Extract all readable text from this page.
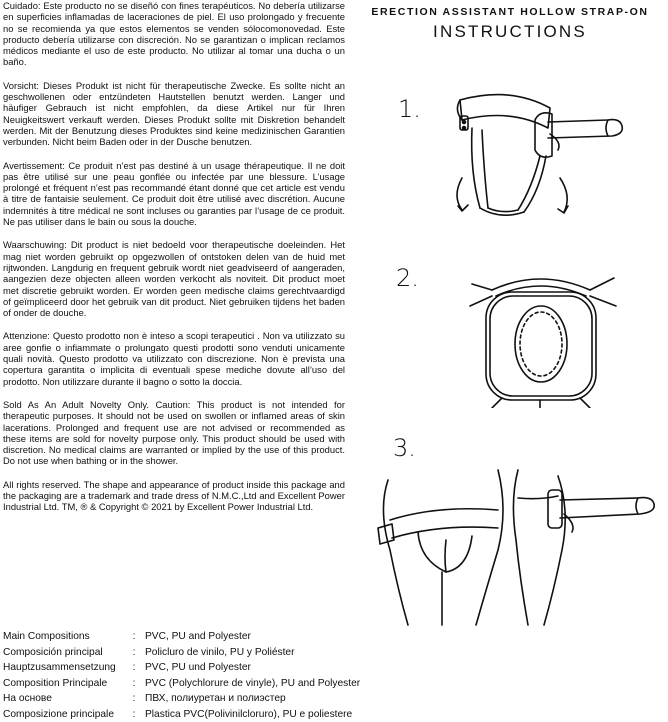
Cuidado: Este producto no se diseñó con fines terapéuticos. No debería utilizarse en superficies inflamadas de laceraciones de piel. El uso prolongado y frecuente no se recomienda ya que estos elementos se venden sólocomonovedad. Este producto debería utilizarse con discreción. No se garantizan o implican reclamos médicos mediante el uso de este producto. No utilizar al tomar una ducha o un baño.

Vorsicht: Dieses Produkt ist nicht für therapeutische Zwecke. Es sollte nicht an geschwollenen oder entzündeten Hautstellen benutzt werden. Langer und häufiger Gebrauch ist nicht empfohlen, da diese Artikel nur für Ihren Neuigkeitswert verkauft werden. Dieses Produkt sollte mit Diskretion behandelt werden. Mit der Benutzung dieses Produktes sind keine medizinischen Garantien verbunden. Nicht beim Baden oder in der Dusche benutzen.

Avertissement: Ce produit n’est pas destiné à un usage thérapeutique. Il ne doit pas être utilisé sur une peau gonflée ou infectée par une blessure. L’usage prolongé et fréquent n’est pas recommandé étant donné que cet article est vendu à titre de fantaisie seulement. Ce produit doit être utilisé avec discrétion. Aucune indemnités à titre médical ne sont incluses ou garanties par l’usage de ce produit. Ne pas utiliser dans le bain ou sous la douche.

Waarschuwing: Dit product is niet bedoeld voor therapeutische doeleinden. Het mag niet worden gebruikt op opgezwollen of ontstoken delen van de huid met rijtwonden. Langdurig en frequent gebruik wordt niet geadviseerd of aangeraden, aangezien deze objecten alleen worden verkocht als noviteit. Dit product moet met discretie gebruikt worden. Er worden geen medische claims gerechtvaardigd of geïmpliceerd door het gebruik van dit product. Niet gebruiken tijdens het baden of onder de douche.

Attenzione: Questo prodotto non è inteso a scopi terapeutici . Non va utilizzato su aree gonfie o infiammate o prolungato questi prodotti sono venduti unicamente quali novità. Questo prodotto va utilizzato con discrezione. Non è prevista una copertura garantita o implicita di eventuali spese mediche dovute all’uso del prodotto. Non utilizzare durante il bagno o sotto la doccia.

Sold As An Adult Novelty Only. Caution: This product is not intended for therapeutic purposes. It should not be used on swollen or inflamed areas of skin lacerations. Prolonged and frequent use are not advised or recommended as these items are sold for novelty purpose only. This product should be used with discretion. No medical claims are warranted or implied by the use of this product. Do not use when bathing or in the shower.

All rights reserved. The shape and appearance of product inside this package and the packaging are a trademark and trade dress of N.M.C.,Ltd and Excellent Power Industrial Ltd. TM, ® & Copyright © 2021 by Excellent Power Industrial Ltd.

ERECTION ASSISTANT HOLLOW STRAP-ON
INSTRUCTIONS
1.
2.
3.
Main Compositions	: PVC, PU and Polyester
Composición principal	: Policluro de vinilo, PU y Poliéster
Hauptzusammensetzung	: PVC, PU und Polyester
Composition Principale	: PVC (Polychlorure de vinyle), PU and Polyester
На основе	: ПВХ, полиуретан и полиэстер
Composizione principale	: Plastica PVC(Polivinilcloruro), PU e poliestere
